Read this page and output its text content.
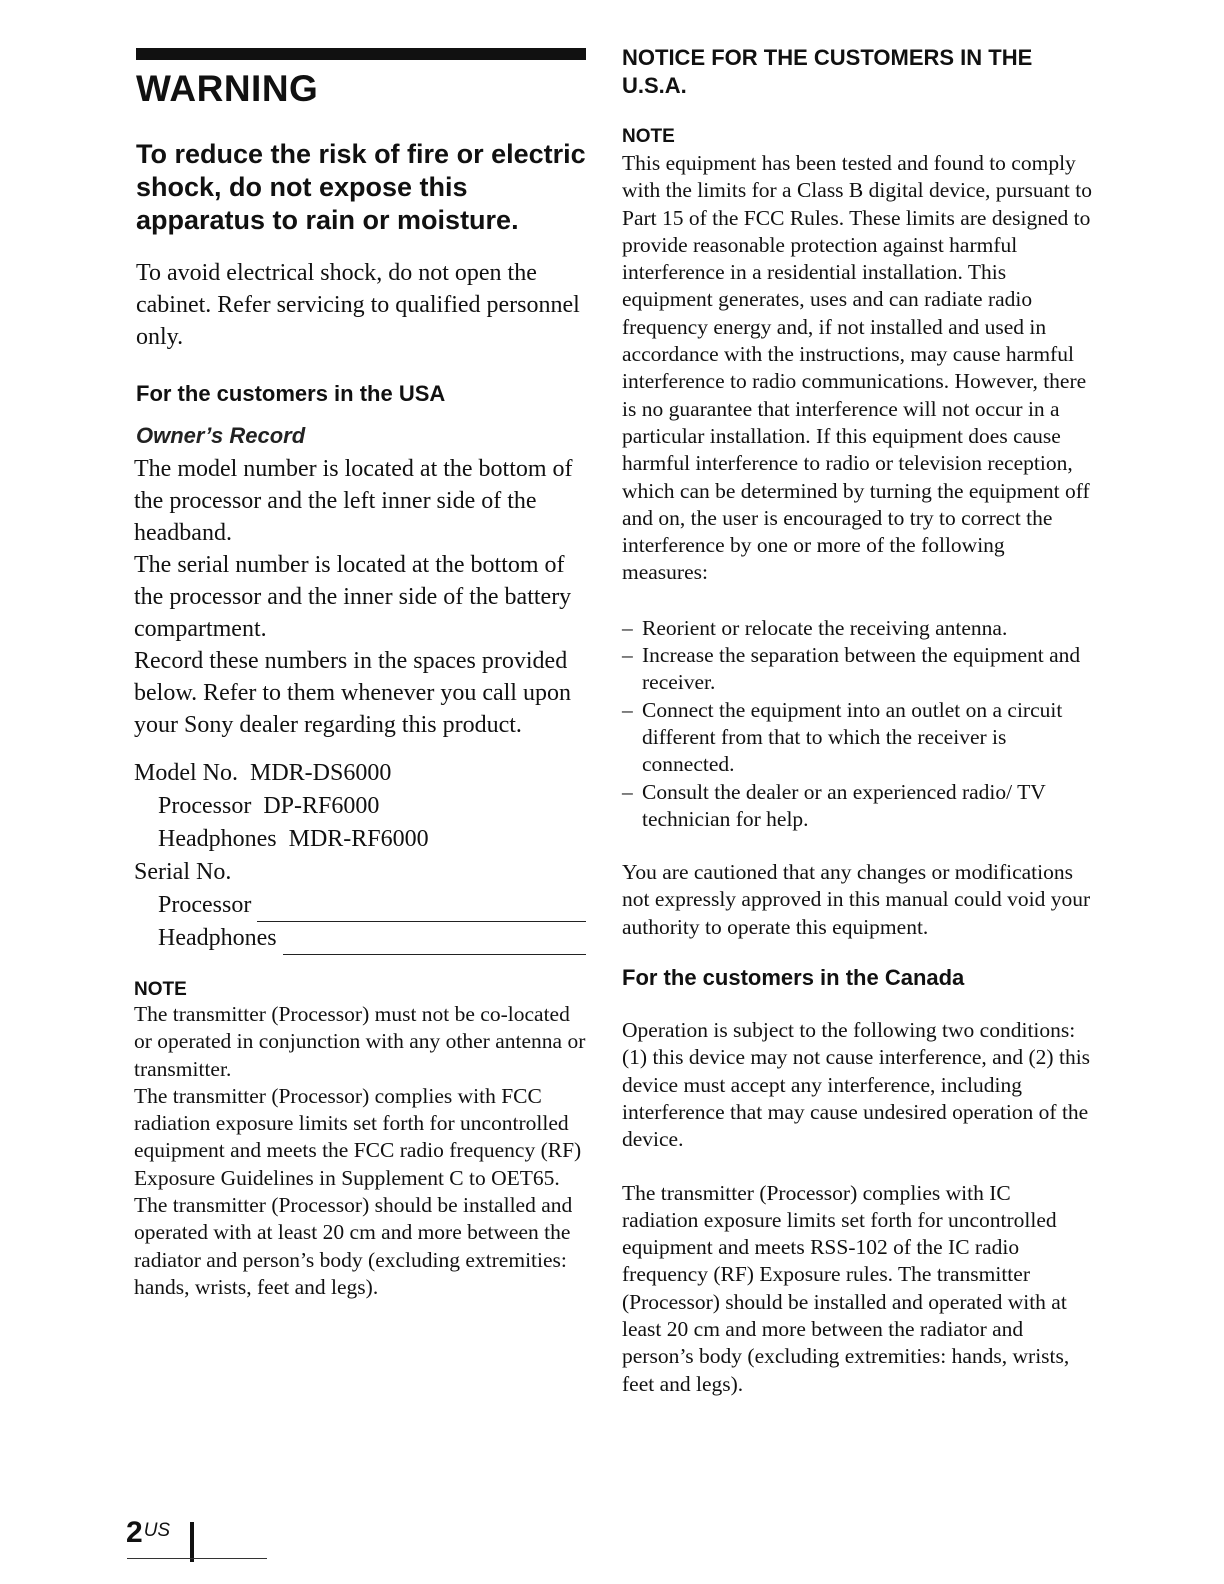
WARNING
To reduce the risk of fire or electric shock, do not expose this apparatus to rain or moisture.

To avoid electrical shock, do not open the cabinet. Refer servicing to qualified personnel only.

For the customers in the USA
Owner’s Record

The model number is located at the bottom of the processor and the left inner side of the headband.

The serial number is located at the bottom of the processor and the inner side of the battery compartment.

Record these numbers in the spaces provided below. Refer to them whenever you call upon your Sony dealer regarding this product.

Model No.  MDR-DS6000
Processor  DP-RF6000
Headphones  MDR-RF6000
Serial No.
Processor
Headphones
NOTE
The transmitter (Processor) must not be co-located or operated in conjunction with any other antenna or transmitter.
The transmitter (Processor) complies with FCC radiation exposure limits set forth for uncontrolled equipment and meets the FCC radio frequency (RF) Exposure Guidelines in Supplement C to OET65.
The transmitter (Processor) should be installed and operated with at least 20 cm and more between the radiator and person’s body (excluding extremities: hands, wrists, feet and legs).
NOTICE FOR THE CUSTOMERS IN THE U.S.A.
NOTE

This equipment has been tested and found to comply with the limits for a Class B digital device, pursuant to Part 15 of the FCC Rules. These limits are designed to provide reasonable protection against harmful interference in a residential installation. This equipment generates, uses and can radiate radio frequency energy and, if not installed and used in accordance with the instructions, may cause harmful interference to radio communications. However, there is no guarantee that interference will not occur in a particular installation. If this equipment does cause harmful interference to radio or television reception, which can be determined by turning the equipment off and on, the user is encouraged to try to correct the interference by one or more of the following measures:

– Reorient or relocate the receiving antenna.
– Increase the separation between the equipment and receiver.
– Connect the equipment into an outlet on a circuit different from that to which the receiver is connected.
– Consult the dealer or an experienced radio/ TV technician for help.

You are cautioned that any changes or modifications not expressly approved in this manual could void your authority to operate this equipment.

For the customers in the Canada

Operation is subject to the following two conditions: (1) this device may not cause interference, and (2) this device must accept any interference, including interference that may cause undesired operation of the device.

The transmitter (Processor) complies with IC radiation exposure limits set forth for uncontrolled equipment and meets RSS-102 of the IC radio frequency (RF) Exposure rules. The transmitter (Processor) should be installed and operated with at least 20 cm and more between the radiator and person’s body (excluding extremities: hands, wrists, feet and legs).

2US
